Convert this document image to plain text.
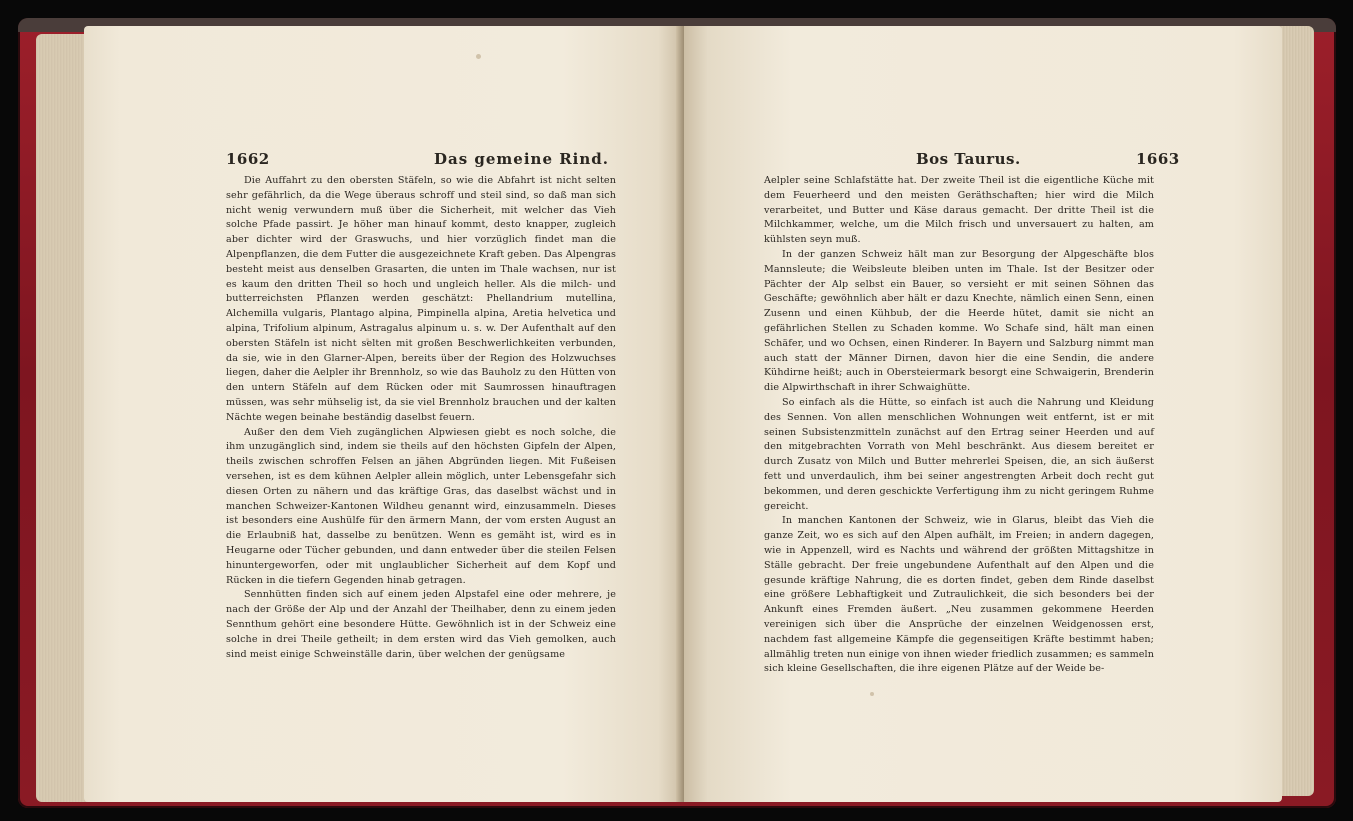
1662	Das gemeine Rind.

Die Auffahrt zu den obersten Stäfeln, so wie die Abfahrt ist nicht selten sehr gefährlich, da die Wege überaus schroff und steil sind, so daß man sich nicht wenig verwundern muß über die Sicherheit, mit welcher das Vieh solche Pfade passirt. Je höher man hinauf kommt, desto knapper, zugleich aber dichter wird der Graswuchs, und hier vorzüglich findet man die Alpenpflanzen, die dem Futter die ausgezeichnete Kraft geben. Das Alpengras besteht meist aus denselben Grasarten, die unten im Thale wachsen, nur ist es kaum den dritten Theil so hoch und ungleich heller. Als die milch- und butterreichsten Pflanzen werden geschätzt: Phellandrium mutellina, Alchemilla vulgaris, Plantago alpina, Pimpinella alpina, Aretia helvetica und alpina, Trifolium alpinum, Astragalus alpinum u. s. w. Der Aufenthalt auf den obersten Stäfeln ist nicht selten mit großen Beschwerlichkeiten verbunden, da sie, wie in den Glarner-Alpen, bereits über der Region des Holzwuchses liegen, daher die Aelpler ihr Brennholz, so wie das Bauholz zu den Hütten von den untern Stäfeln auf dem Rücken oder mit Saumrossen hinauftragen müssen, was sehr mühselig ist, da sie viel Brennholz brauchen und der kalten Nächte wegen beinahe beständig daselbst feuern.

Außer den dem Vieh zugänglichen Alpwiesen giebt es noch solche, die ihm unzugänglich sind, indem sie theils auf den höchsten Gipfeln der Alpen, theils zwischen schroffen Felsen an jähen Abgründen liegen. Mit Fußeisen versehen, ist es dem kühnen Aelpler allein möglich, unter Lebensgefahr sich diesen Orten zu nähern und das kräftige Gras, das daselbst wächst und in manchen Schweizer-Kantonen Wildheu genannt wird, einzusammeln. Dieses ist besonders eine Aushülfe für den ärmern Mann, der vom ersten August an die Erlaubniß hat, dasselbe zu benützen. Wenn es gemäht ist, wird es in Heugarne oder Tücher gebunden, und dann entweder über die steilen Felsen hinuntergeworfen, oder mit unglaublicher Sicherheit auf dem Kopf und Rücken in die tiefern Gegenden hinab getragen.

Sennhütten finden sich auf einem jeden Alpstafel eine oder mehrere, je nach der Größe der Alp und der Anzahl der Theilhaber, denn zu einem jeden Sennthum gehört eine besondere Hütte. Gewöhnlich ist in der Schweiz eine solche in drei Theile getheilt; in dem ersten wird das Vieh gemolken, auch sind meist einige Schweinställe darin, über welchen der genügsame

Bos Taurus.	1663

Aelpler seine Schlafstätte hat. Der zweite Theil ist die eigentliche Küche mit dem Feuerheerd und den meisten Geräthschaften; hier wird die Milch verarbeitet, und Butter und Käse daraus gemacht. Der dritte Theil ist die Milchkammer, welche, um die Milch frisch und unversauert zu halten, am kühlsten seyn muß.

In der ganzen Schweiz hält man zur Besorgung der Alpgeschäfte blos Mannsleute; die Weibsleute bleiben unten im Thale. Ist der Besitzer oder Pächter der Alp selbst ein Bauer, so versieht er mit seinen Söhnen das Geschäfte; gewöhnlich aber hält er dazu Knechte, nämlich einen Senn, einen Zusenn und einen Kühbub, der die Heerde hütet, damit sie nicht an gefährlichen Stellen zu Schaden komme. Wo Schafe sind, hält man einen Schäfer, und wo Ochsen, einen Rinderer. In Bayern und Salzburg nimmt man auch statt der Männer Dirnen, davon hier die eine Sendin, die andere Kühdirne heißt; auch in Obersteiermark besorgt eine Schwaigerin, Brenderin die Alpwirthschaft in ihrer Schwaighütte.

So einfach als die Hütte, so einfach ist auch die Nahrung und Kleidung des Sennen. Von allen menschlichen Wohnungen weit entfernt, ist er mit seinen Subsistenzmitteln zunächst auf den Ertrag seiner Heerden und auf den mitgebrachten Vorrath von Mehl beschränkt. Aus diesem bereitet er durch Zusatz von Milch und Butter mehrerlei Speisen, die, an sich äußerst fett und unverdaulich, ihm bei seiner angestrengten Arbeit doch recht gut bekommen, und deren geschickte Verfertigung ihm zu nicht geringem Ruhme gereicht.

In manchen Kantonen der Schweiz, wie in Glarus, bleibt das Vieh die ganze Zeit, wo es sich auf den Alpen aufhält, im Freien; in andern dagegen, wie in Appenzell, wird es Nachts und während der größten Mittagshitze in Ställe gebracht. Der freie ungebundene Aufenthalt auf den Alpen und die gesunde kräftige Nahrung, die es dorten findet, geben dem Rinde daselbst eine größere Lebhaftigkeit und Zutraulichkeit, die sich besonders bei der Ankunft eines Fremden äußert. „Neu zusammen gekommene Heerden vereinigen sich über die Ansprüche der einzelnen Weidgenossen erst, nachdem fast allgemeine Kämpfe die gegenseitigen Kräfte bestimmt haben; allmählig treten nun einige von ihnen wieder friedlich zusammen; es sammeln sich kleine Gesellschaften, die ihre eigenen Plätze auf der Weide be-
